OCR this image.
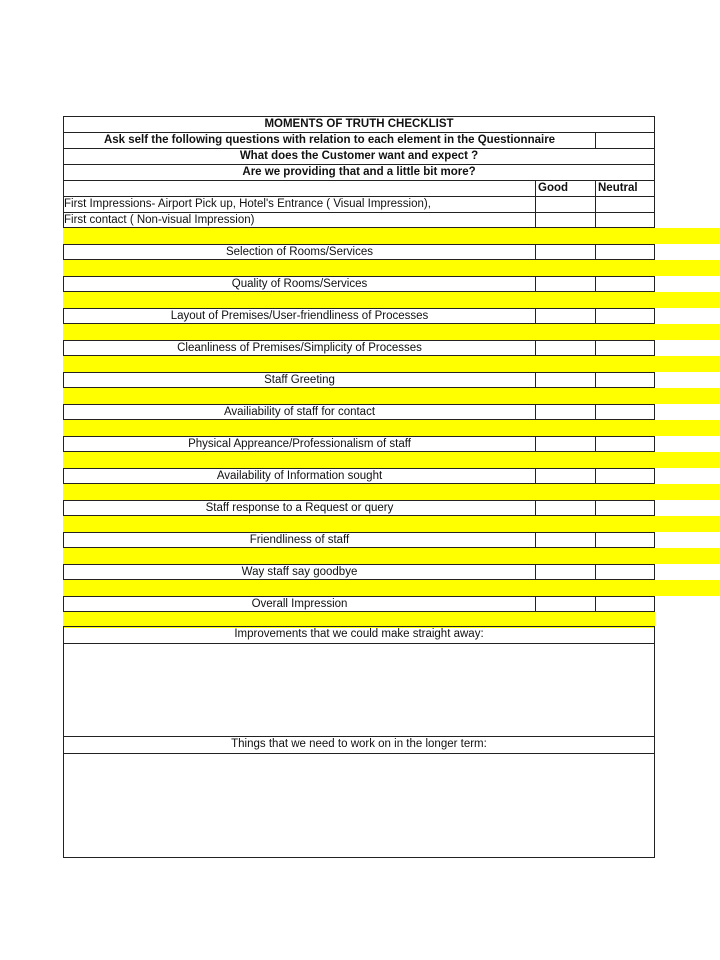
MOMENTS OF TRUTH CHECKLIST
Ask self the following questions with relation to each element in the Questionnaire
What does the Customer want and expect ?
Are we providing that and a little bit more?
Good	Neutral
First Impressions- Airport Pick up, Hotel's Entrance ( Visual Impression),
First contact ( Non-visual Impression)
Selection of Rooms/Services
Quality of Rooms/Services
Layout of Premises/User-friendliness of Processes
Cleanliness of Premises/Simplicity of Processes
Staff Greeting
Availiability of staff for contact
Physical Appreance/Professionalism of staff
Availability of Information sought
Staff response to a Request or query
Friendliness of staff
Way staff say goodbye
Overall Impression
Improvements that we could make straight away:
Things that we need to work on in the longer term:
